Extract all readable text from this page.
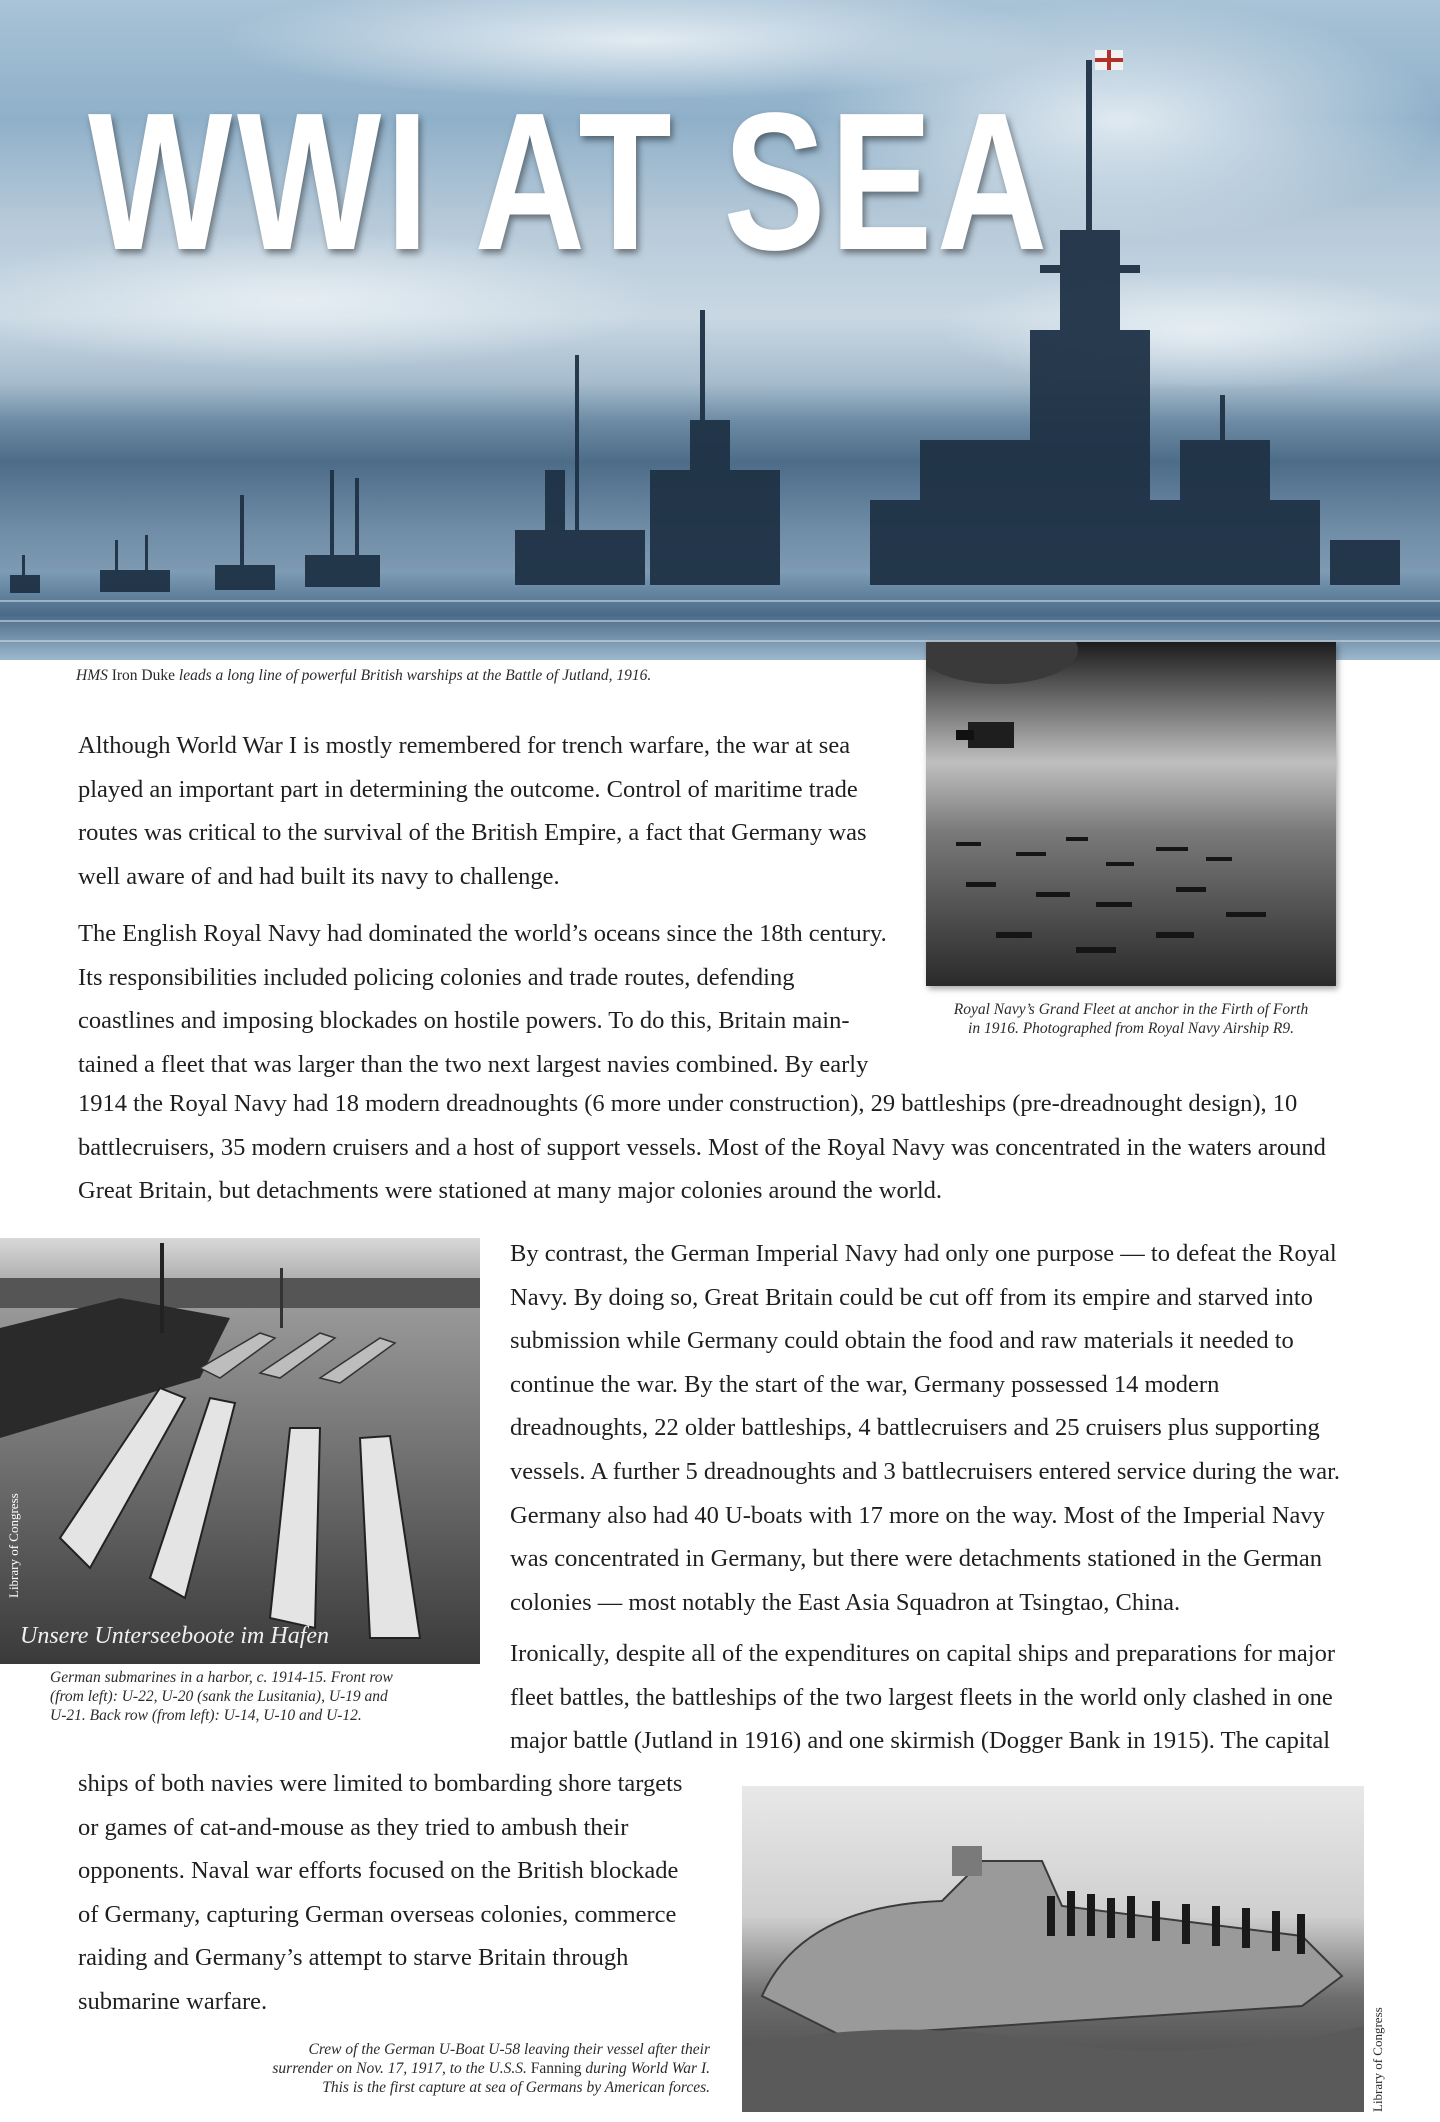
WWI AT SEA
HMS Iron Duke leads a long line of powerful British warships at the Battle of Jutland, 1916.
Royal Navy’s Grand Fleet at anchor in the Firth of Forth
in 1916. Photographed from Royal Navy Airship R9.

Although World War I is mostly remembered for trench warfare, the war at sea played an important part in determining the outcome. Control of maritime trade routes was critical to the survival of the British Empire, a fact that Germany was well aware of and had built its navy to challenge.

The English Royal Navy had dominated the world’s oceans since the 18th century. Its responsibilities included policing colonies and trade routes, defending coastlines and imposing blockades on hostile powers. To do this, Britain main-tained a fleet that was larger than the two next largest navies combined. By early

1914 the Royal Navy had 18 modern dreadnoughts (6 more under construction), 29 battleships (pre-dreadnought design), 10 battlecruisers, 35 modern cruisers and a host of support vessels. Most of the Royal Navy was concentrated in the waters around Great Britain, but detachments were stationed at many major colonies around the world.

Unsere Unterseeboote im Hafen
Library of Congress
German submarines in a harbor, c. 1914-15. Front row
(from left): U-22, U-20 (sank the Lusitania), U-19 and
U-21. Back row (from left): U-14, U-10 and U-12.

By contrast, the German Imperial Navy had only one purpose — to defeat the Royal Navy. By doing so, Great Britain could be cut off from its empire and starved into submission while Germany could obtain the food and raw materials it needed to continue the war. By the start of the war, Germany possessed 14 modern dreadnoughts, 22 older battleships, 4 battlecruisers and 25 cruisers plus supporting vessels. A further 5 dreadnoughts and 3 battlecruisers entered service during the war. Germany also had 40 U-boats with 17 more on the way. Most of the Imperial Navy was concentrated in Germany, but there were detachments stationed in the German colonies — most notably the East Asia Squadron at Tsingtao, China.

Ironically, despite all of the expenditures on capital ships and preparations for major fleet battles, the battleships of the two largest fleets in the world only clashed in one major battle (Jutland in 1916) and one skirmish (Dogger Bank in 1915). The capital

ships of both navies were limited to bombarding shore targets or games of cat-and-mouse as they tried to ambush their opponents. Naval war efforts focused on the British blockade of Germany, capturing German overseas colonies, commerce raiding and Germany’s attempt to starve Britain through submarine warfare.

Library of Congress
Crew of the German U-Boat U-58 leaving their vessel after their
surrender on Nov. 17, 1917, to the U.S.S. Fanning during World War I.
This is the first capture at sea of Germans by American forces.
